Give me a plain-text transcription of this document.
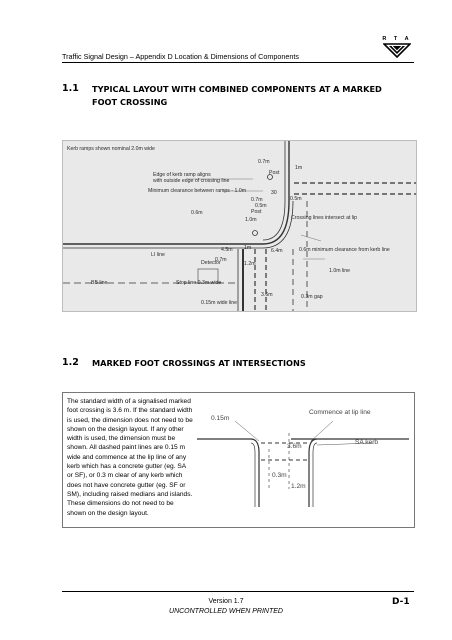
Traffic Signal Design – Appendix D Location & Dimensions of Components
R T A
1.1 TYPICAL LAYOUT WITH COMBINED COMPONENTS AT A MARKED FOOT CROSSING
Kerb ramps shown nominal 2.0m wide
0.7m
Post
1m
Edge of kerb ramp aligns
with outside edge of crossing line
Minimum clearance between ramps - 1.0m
0.7m
0.5m
30
0.5m
0.6m	Post
1.0m	Crossing lines intersect at lip
Detector
LI line
4.5m 1m	6.4m	0.6m minimum clearance from kerb line
0.7m
1.2m
1.0m line
BB line	Stop line 0.3m wide
3.6m	0.3m gap
0.15m wide line
1.2 MARKED FOOT CROSSINGS AT INTERSECTIONS
The standard width of a signalised marked foot crossing is 3.6 m. If the standard width is used, the dimension does not need to be shown on the design layout. If any other width is used, the dimension must be shown. All dashed paint lines are 0.15 m wide and commence at the lip line of any kerb which has a concrete gutter (eg. SA or SF), or 0.3 m clear of any kerb which does not have concrete gutter (eg. SF or SM), including raised medians and islands. These dimensions do not need to be shown on the design layout.
0.15m
Commence at lip line
3.6m
SA kerb
0.3m
1.2m
Version 1.7
UNCONTROLLED WHEN PRINTED
D-1
